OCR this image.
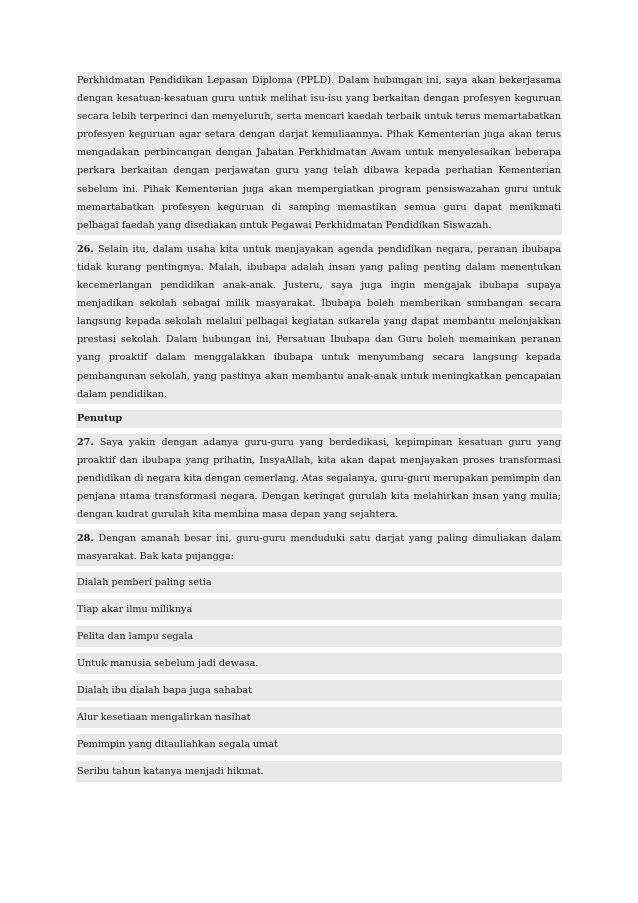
Perkhidmatan Pendidikan Lepasan Diploma (PPLD). Dalam hubungan ini, saya akan bekerjasama dengan kesatuan-kesatuan guru untuk melihat isu-isu yang berkaitan dengan profesyen keguruan secara lebih terperinci dan menyeluruh, serta mencari kaedah terbaik untuk terus memartabatkan profesyen keguruan agar setara dengan darjat kemuliaannya. Pihak Kementerian juga akan terus mengadakan perbincangan dengan Jabatan Perkhidmatan Awam untuk menyelesaikan beberapa perkara berkaitan dengan perjawatan guru yang telah dibawa kepada perhatian Kementerian sebelum ini. Pihak Kementerian juga akan mempergiatkan program pensiswazahan guru untuk memartabatkan profesyen keguruan di samping memastikan semua guru dapat menikmati pelbagai faedah yang disediakan untuk Pegawai Perkhidmatan Pendidikan Siswazah.
26. Selain itu, dalam usaha kita untuk menjayakan agenda pendidikan negara, peranan ibubapa tidak kurang pentingnya. Malah, ibubapa adalah insan yang paling penting dalam menentukan kecemerlangan pendidikan anak-anak. Justeru, saya juga ingin mengajak ibubapa supaya menjadikan sekolah sebagai milik masyarakat. Ibubapa boleh memberikan sumbangan secara langsung kepada sekolah melalui pelbagai kegiatan sukarela yang dapat membantu melonjakkan prestasi sekolah. Dalam hubungan ini, Persatuan Ibubapa dan Guru boleh memainkan peranan yang proaktif dalam menggalakkan ibubapa untuk menyumbang secara langsung kepada pembangunan sekolah, yang pastinya akan membantu anak-anak untuk meningkatkan pencapaian dalam pendidikan.
Penutup
27. Saya yakin dengan adanya guru-guru yang berdedikasi, kepimpinan kesatuan guru yang proaktif dan ibubapa yang prihatin, InsyaAllah, kita akan dapat menjayakan proses transformasi pendidikan di negara kita dengan cemerlang. Atas segalanya, guru-guru merupakan pemimpin dan penjana utama transformasi negara. Dengan keringat gurulah kita melahirkan insan yang mulia; dengan kudrat gurulah kita membina masa depan yang sejahtera.
28. Dengan amanah besar ini, guru-guru menduduki satu darjat yang paling dimuliakan dalam masyarakat. Bak kata pujangga:
Dialah pemberi paling setia
Tiap akar ilmu miliknya
Pelita dan lampu segala
Untuk manusia sebelum jadi dewasa.
Dialah ibu dialah bapa juga sahabat
Alur kesetiaan mengalirkan nasihat
Pemimpin yang ditauliahkan segala umat
Seribu tahun katanya menjadi hikmat.
